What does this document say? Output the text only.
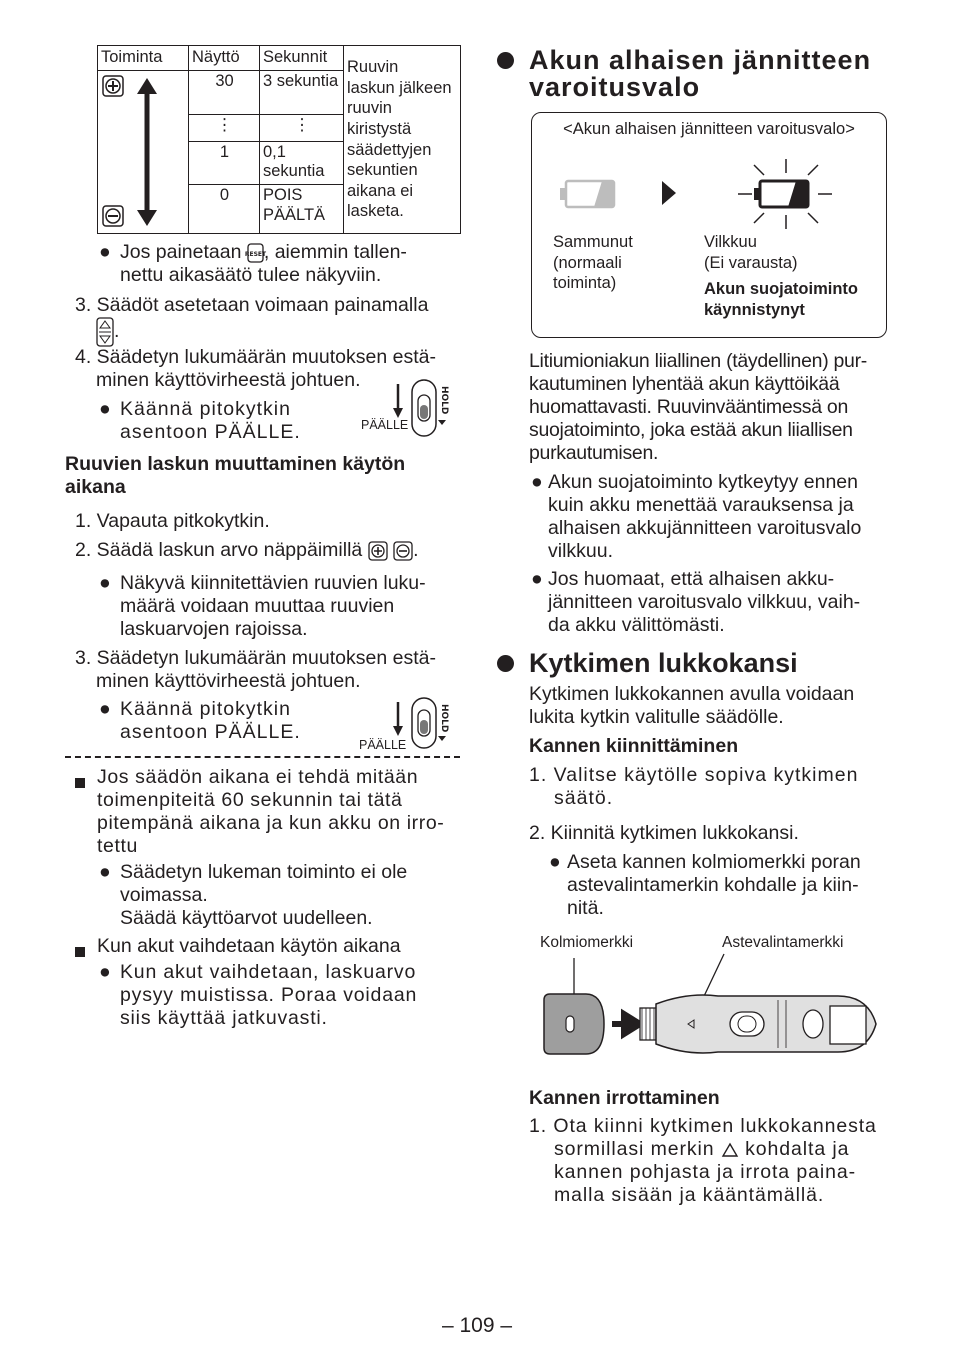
Toiminta	Näyttö	Sekunnit	Ruuvin
laskun jälkeen ruuvin kiristystä säädettyjen sekuntien aikana ei lasketa.

	30	3 sekuntia	
	⋮	⋮	
	1	0,1 sekuntia	
	0	POIS PÄÄLTÄ	
● Jos painetaan RESET
, aiemmin tallen-
nettu aikasäätö tulee näkyviin.
3. Säädöt asetetaan voimaan painamalla
.
4. Säädetyn lukumäärän muutoksen estä-
minen käyttövirheestä johtuen.
● Käännä pitokytkin
asentoon PÄÄLLE.
HOLD
PÄÄLLE
Ruuvien laskun muuttaminen käytön
aikana
1. Vapauta pitkokytkin.
2. Säädä laskun arvo näppäimillä	.
● Näkyvä kiinnitettävien ruuvien luku-
määrä voidaan muuttaa ruuvien
laskuarvojen rajoissa.
3. Säädetyn lukumäärän muutoksen estä-
minen käyttövirheestä johtuen.
● Käännä pitokytkin
asentoon PÄÄLLE.	HOLD
PÄÄLLE
Jos säädön aikana ei tehdä mitään
toimenpiteitä 60 sekunnin tai tätä
pitempänä aikana ja kun akku on irro-
tettu
● Säädetyn lukeman toiminto ei ole
voimassa.
Säädä käyttöarvot uudelleen.
Kun akut vaihdetaan käytön aikana
● Kun akut vaihdetaan, laskuarvo
pysyy muistissa. Poraa voidaan
siis käyttää jatkuvasti.
Akun alhaisen jännitteen
varoitusvalo
<Akun alhaisen jännitteen varoitusvalo>
Sammunut
(normaali
toiminta)
Vilkkuu
(Ei varausta)
Akun suojatoiminto
käynnistynyt
Litiumioniakun liiallinen (täydellinen) pur-
kautuminen lyhentää akun käyttöikää
huomattavasti. Ruuvinvääntimessä on
suojatoiminto, joka estää akun liiallisen
purkautumisen.
● Akun suojatoiminto kytkeytyy ennen
kuin akku menettää varauksensa ja
alhaisen akkujännitteen varoitusvalo
vilkkuu.
● Jos huomaat, että alhaisen akku-
jännitteen varoitusvalo vilkkuu, vaih-
da akku välittömästi.
Kytkimen lukkokansi
Kytkimen lukkokannen avulla voidaan
lukita kytkin valitulle säädölle.
Kannen kiinnittäminen
1. Valitse käytölle sopiva kytkimen
säätö.
2. Kiinnitä kytkimen lukkokansi.
● Aseta kannen kolmiomerkki poran
astevalintamerkin kohdalle ja kiin-
nitä.
Kolmiomerkki	Astevalintamerkki
Kannen irrottaminen
1. Ota kiinni kytkimen lukkokannesta
sormillasi merkin kohdalta ja
kannen pohjasta ja irrota paina-
malla sisään ja kääntämällä.
– 109 –
